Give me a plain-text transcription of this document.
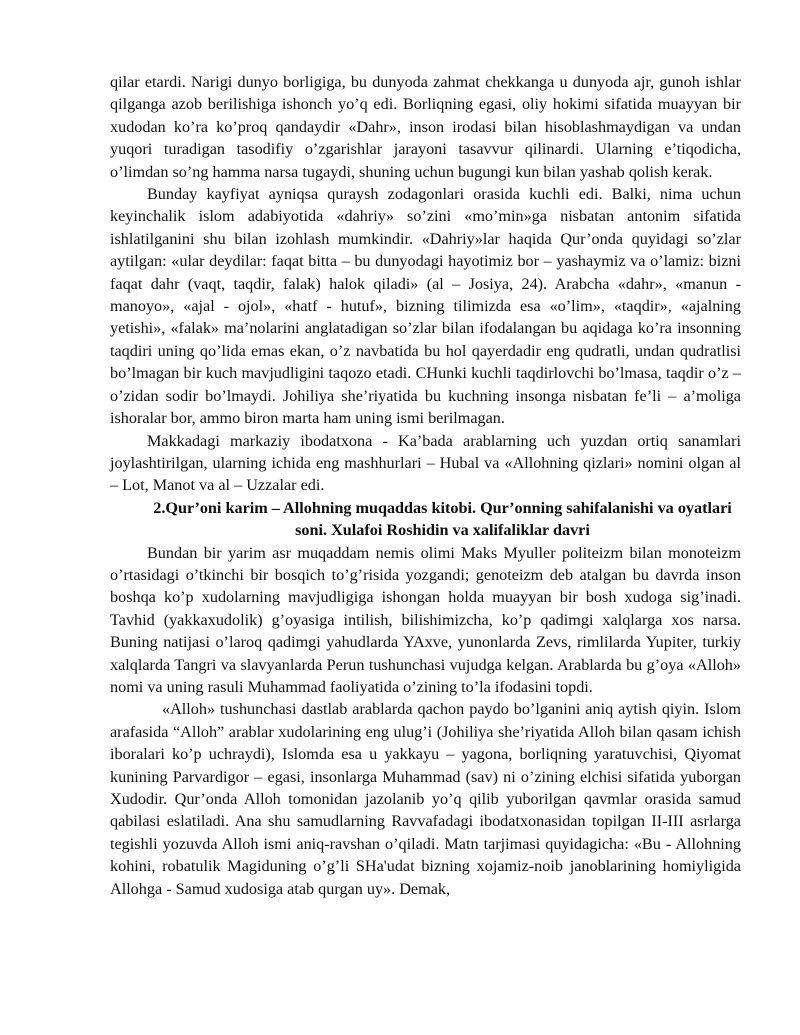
qilar etardi. Narigi dunyo borligiga, bu dunyoda zahmat chekkanga u dunyoda ajr, gunoh ishlar qilganga azob berilishiga ishonch yo’q edi. Borliqning egasi, oliy hokimi sifatida muayyan bir xudodan ko’ra ko’proq qandaydir «Dahr», inson irodasi bilan hisoblashmaydigan va undan yuqori turadigan tasodifiy o’zgarishlar jarayoni tasavvur qilinardi. Ularning e’tiqodicha, o’limdan so’ng hamma narsa tugaydi, shuning uchun bugungi kun bilan yashab qolish kerak.

Bunday kayfiyat ayniqsa quraysh zodagonlari orasida kuchli edi. Balki, nima uchun keyinchalik islom adabiyotida «dahriy» so’zini «mo’min»ga nisbatan antonim sifatida ishlatilganini shu bilan izohlash mumkindir. «Dahriy»lar haqida Qur’onda quyidagi so’zlar aytilgan: «ular deydilar: faqat bitta – bu dunyodagi hayotimiz bor – yashaymiz va o’lamiz: bizni faqat dahr (vaqt, taqdir, falak) halok qiladi» (al – Josiya, 24). Arabcha «dahr», «manun - manoyo», «ajal - ojol», «hatf - hutuf», bizning tilimizda esa «o’lim», «taqdir», «ajalning yetishi», «falak» ma’nolarini anglatadigan so’zlar bilan ifodalangan bu aqidaga ko’ra insonning taqdiri uning qo’lida emas ekan, o’z navbatida bu hol qayerdadir eng qudratli, undan qudratlisi bo’lmagan bir kuch mavjudligini taqozo etadi. CHunki kuchli taqdirlovchi bo’lmasa, taqdir o’z – o’zidan sodir bo’lmaydi. Johiliya she’riyatida bu kuchning insonga nisbatan fe’li – a’moliga ishoralar bor, ammo biron marta ham uning ismi berilmagan.

Makkadagi markaziy ibodatxona - Ka’bada arablarning uch yuzdan ortiq sanamlari joylashtirilgan, ularning ichida eng mashhurlari – Hubal va «Allohning qizlari» nomini olgan al – Lot, Manot va al – Uzzalar edi.

2.Qur’oni karim – Allohning muqaddas kitobi. Qur’onning sahifalanishi va oyatlari soni. Xulafoi Roshidin va xalifaliklar davri

Bundan bir yarim asr muqaddam nemis olimi Maks Myuller politeizm bilan monoteizm o’rtasidagi o’tkinchi bir bosqich to’g’risida yozgandi; genoteizm deb atalgan bu davrda inson boshqa ko’p xudolarning mavjudligiga ishongan holda muayyan bir bosh xudoga sig’inadi. Tavhid (yakkaxudolik) g’oyasiga intilish, bilishimizcha, ko’p qadimgi xalqlarga xos narsa. Buning natijasi o’laroq qadimgi yahudlarda YAxve, yunonlarda Zevs, rimlilarda Yupiter, turkiy xalqlarda Tangri va slavyanlarda Perun tushunchasi vujudga kelgan. Arablarda bu g’oya «Alloh» nomi va uning rasuli Muhammad faoliyatida o’zining to’la ifodasini topdi.

«Alloh» tushunchasi dastlab arablarda qachon paydo bo’lganini aniq aytish qiyin. Islom arafasida “Alloh” arablar xudolarining eng ulug’i (Johiliya she’riyatida Alloh bilan qasam ichish iboralari ko’p uchraydi), Islomda esa u yakkayu – yagona, borliqning yaratuvchisi, Qiyomat kunining Parvardigor – egasi, insonlarga Muhammad (sav) ni o’zining elchisi sifatida yuborgan Xudodir. Qur’onda Alloh tomonidan jazolanib yo’q qilib yuborilgan qavmlar orasida samud qabilasi eslatiladi. Ana shu samudlarning Ravvafadagi ibodatxonasidan topilgan II-III asrlarga tegishli yozuvda Alloh ismi aniq-ravshan o’qiladi. Matn tarjimasi quyidagicha: «Bu - Allohning kohini, robatulik Magiduning o’g’li SHa'udat bizning xojamiz-noib janoblarining homiyligida Allohga - Samud xudosiga atab qurgan uy». Demak,
